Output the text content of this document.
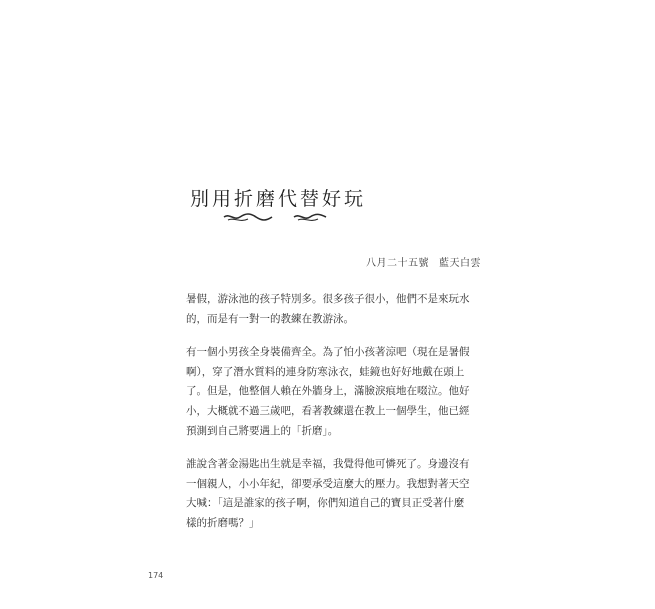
別用折磨代替好玩
八月二十五號 藍天白雲

暑假，游泳池的孩子特別多。很多孩子很小，他們不是來玩水
的，而是有一對一的教練在教游泳。

有一個小男孩全身裝備齊全。為了怕小孩著涼吧（現在是暑假
啊），穿了潛水質料的連身防寒泳衣，蛙鏡也好好地戴在頭上
了。但是，他整個人賴在外牆身上，滿臉淚痕地在啜泣。他好
小，大概就不過三歲吧，看著教練還在教上一個學生，他已經
預測到自己將要遇上的「折磨」。

誰說含著金湯匙出生就是幸福，我覺得他可憐死了。身邊沒有
一個親人，小小年紀，卻要承受這麼大的壓力。我想對著天空
大喊：「這是誰家的孩子啊，你們知道自己的寶貝正受著什麼
樣的折磨嗎？」

174
